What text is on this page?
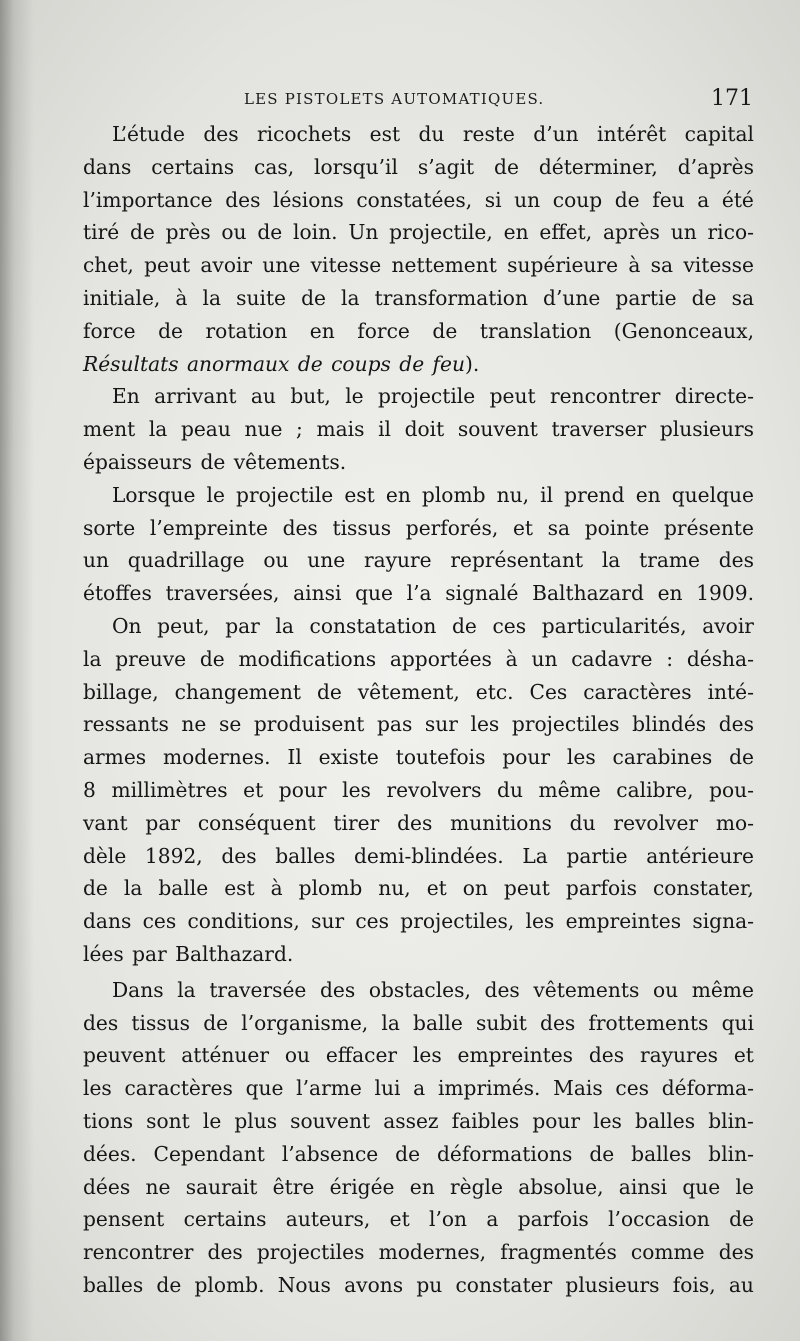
LES PISTOLETS AUTOMATIQUES.	171
L’étude des ricochets est du reste d’un intérêt capital
dans certains cas, lorsqu’il s’agit de déterminer, d’après
l’importance des lésions constatées, si un coup de feu a été
tiré de près ou de loin. Un projectile, en effet, après un rico-
chet, peut avoir une vitesse nettement supérieure à sa vitesse
initiale, à la suite de la transformation d’une partie de sa
force de rotation en force de translation (Genonceaux,
Résultats anormaux de coups de feu ).
En arrivant au but, le projectile peut rencontrer directe-
ment la peau nue ; mais il doit souvent traverser plusieurs
épaisseurs de vêtements.
Lorsque le projectile est en plomb nu, il prend en quelque
sorte l’empreinte des tissus perforés, et sa pointe présente
un quadrillage ou une rayure représentant la trame des
étoffes traversées, ainsi que l’a signalé Balthazard en 1909.
On peut, par la constatation de ces particularités, avoir
la preuve de modifications apportées à un cadavre : désha-
billage, changement de vêtement, etc. Ces caractères inté-
ressants ne se produisent pas sur les projectiles blindés des
armes modernes. Il existe toutefois pour les carabines de
8 millimètres et pour les revolvers du même calibre, pou-
vant par conséquent tirer des munitions du revolver mo-
dèle 1892, des balles demi-blindées. La partie antérieure
de la balle est à plomb nu, et on peut parfois constater,
dans ces conditions, sur ces projectiles, les empreintes signa-
lées par Balthazard.
Dans la traversée des obstacles, des vêtements ou même
des tissus de l’organisme, la balle subit des frottements qui
peuvent atténuer ou effacer les empreintes des rayures et
les caractères que l’arme lui a imprimés. Mais ces déforma-
tions sont le plus souvent assez faibles pour les balles blin-
dées. Cependant l’absence de déformations de balles blin-
dées ne saurait être érigée en règle absolue, ainsi que le
pensent certains auteurs, et l’on a parfois l’occasion de
rencontrer des projectiles modernes, fragmentés comme des
balles de plomb. Nous avons pu constater plusieurs fois, au
